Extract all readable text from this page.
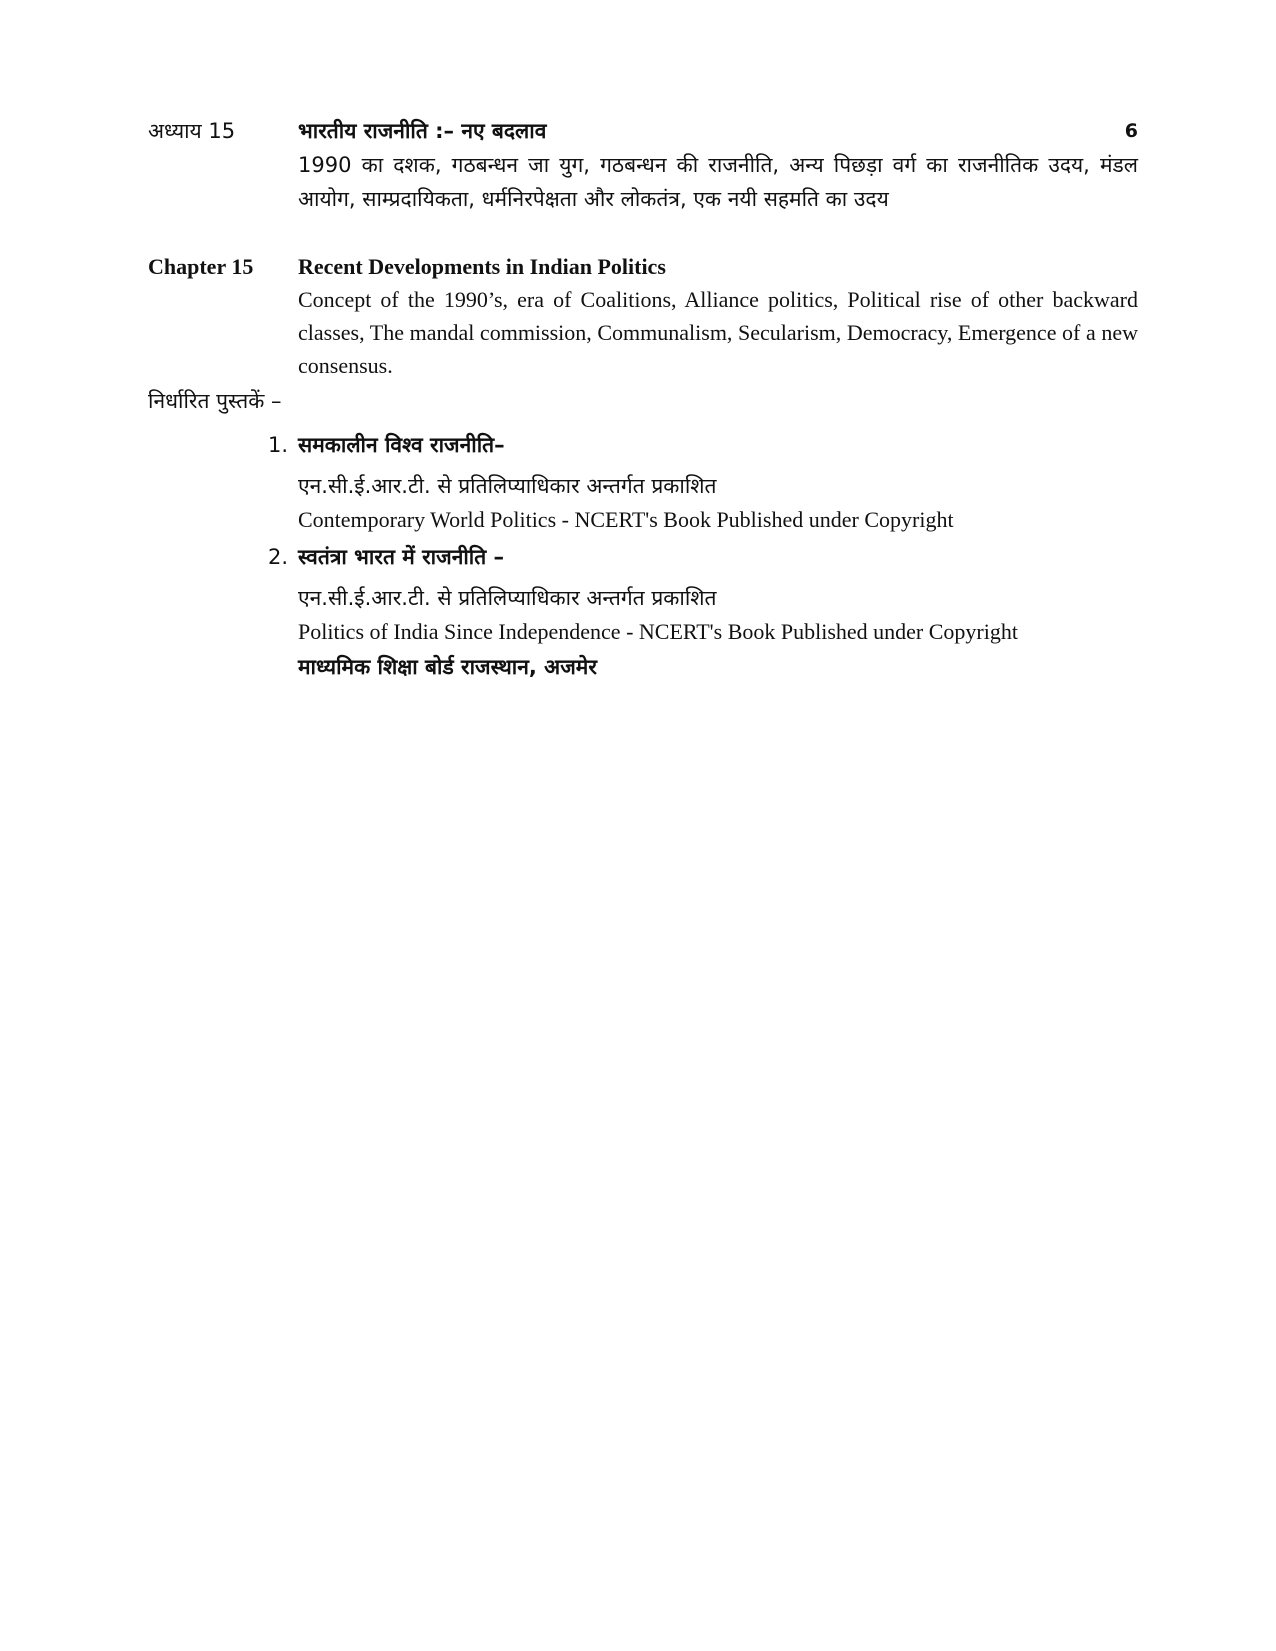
अध्याय 15	भारतीय राजनीति :– नए बदलाव
1990 का दशक, गठबन्धन जा युग, गठबन्धन की राजनीति, अन्य पिछड़ा वर्ग का राजनीतिक उदय, मंडल आयोग, साम्प्रदायिकता, धर्मनिरपेक्षता और लोकतंत्र, एक नयी सहमति का उदय
6
Chapter 15 Recent Developments in Indian Politics
Concept of the 1990’s, era of Coalitions, Alliance politics, Political rise of other backward classes, The mandal commission, Communalism, Secularism, Democracy, Emergence of a new consensus.
निर्धारित पुस्तकें –
1. समकालीन विश्व राजनीति–
एन.सी.ई.आर.टी. से प्रतिलिप्याधिकार अन्तर्गत प्रकाशित
Contemporary World Politics - NCERT's Book Published under Copyright
2. स्वतंत्रा भारत में राजनीति –
एन.सी.ई.आर.टी. से प्रतिलिप्याधिकार अन्तर्गत प्रकाशित
Politics of India Since Independence - NCERT's Book Published under Copyright
माध्यमिक शिक्षा बोर्ड राजस्थान, अजमेर
